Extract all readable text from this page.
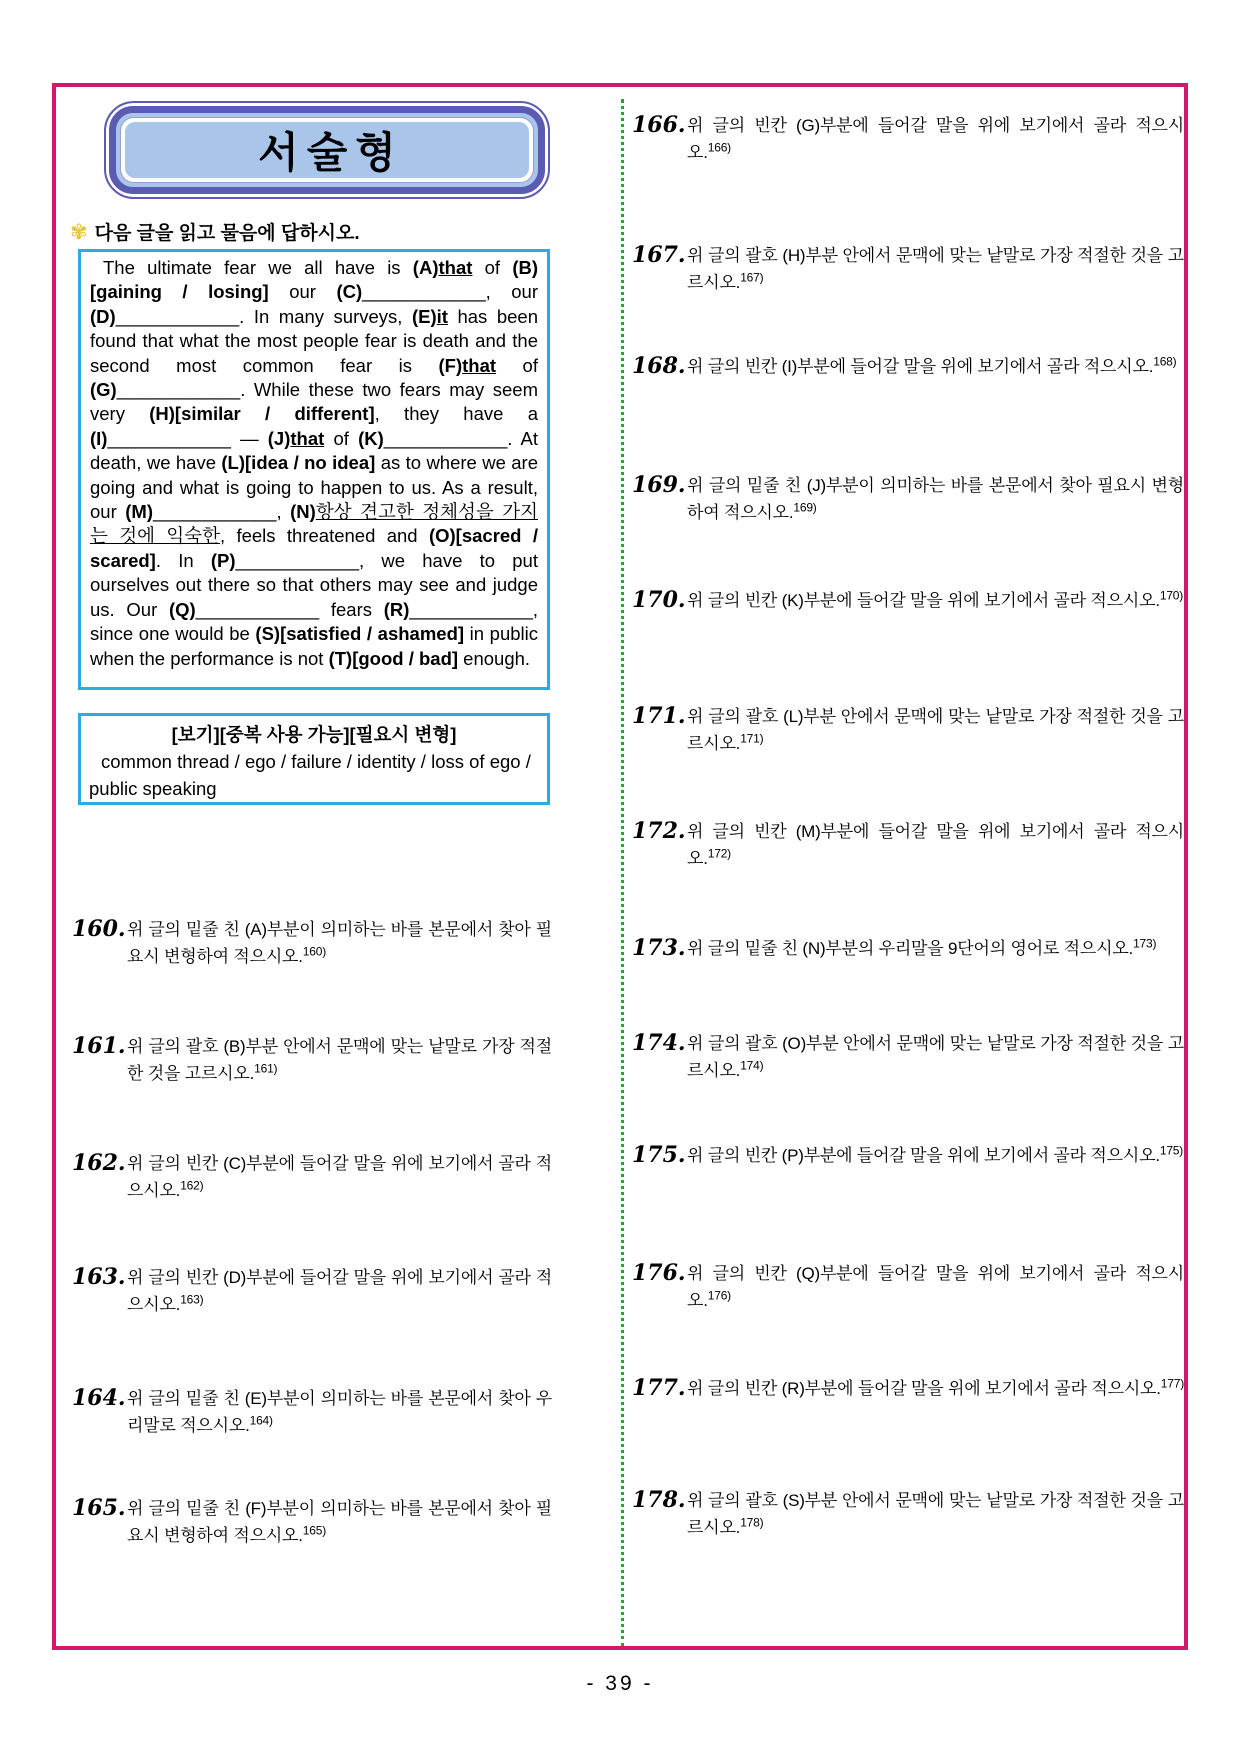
서술형
✾ 다음 글을 읽고 물음에 답하시오.

The ultimate fear we all have is (A)that of (B)[gaining / losing] our (C)____________, our (D)____________. In many surveys, (E)it has been found that what the most people fear is death and the second most common fear is (F)that of (G)____________. While these two fears may seem very (H)[similar / different], they have a (I)____________ — (J)that of (K)____________. At death, we have (L)[idea / no idea] as to where we are going and what is going to happen to us. As a result, our (M)____________, (N)항상 견고한 정체성을 가지는 것에 익숙한, feels threatened and (O)[sacred / scared]. In (P)____________, we have to put ourselves out there so that others may see and judge us. Our (Q)____________ fears (R)____________, since one would be (S)[satisfied / ashamed] in public when the performance is not (T)[good / bad] enough.

[보기][중복 사용 가능][필요시 변형]
common thread / ego / failure / identity / loss of ego / public speaking
160. 위 글의 밑줄 친 (A)부분이 의미하는 바를 본문에서 찾아 필요시 변형하여 적으시오.$^{160)}$
161. 위 글의 괄호 (B)부분 안에서 문맥에 맞는 낱말로 가장 적절한 것을 고르시오.$^{161)}$
162. 위 글의 빈칸 (C)부분에 들어갈 말을 위에 보기에서 골라 적으시오.$^{162)}$
163. 위 글의 빈칸 (D)부분에 들어갈 말을 위에 보기에서 골라 적으시오.$^{163)}$
164. 위 글의 밑줄 친 (E)부분이 의미하는 바를 본문에서 찾아 우리말로 적으시오.$^{164)}$
165. 위 글의 밑줄 친 (F)부분이 의미하는 바를 본문에서 찾아 필요시 변형하여 적으시오.$^{165)}$
166. 위 글의 빈칸 (G)부분에 들어갈 말을 위에 보기에서 골라 적으시오.$^{166)}$
167. 위 글의 괄호 (H)부분 안에서 문맥에 맞는 낱말로 가장 적절한 것을 고르시오.$^{167)}$
168. 위 글의 빈칸 (I)부분에 들어갈 말을 위에 보기에서 골라 적으시오.$^{168)}$
169. 위 글의 밑줄 친 (J)부분이 의미하는 바를 본문에서 찾아 필요시 변형하여 적으시오.$^{169)}$
170. 위 글의 빈칸 (K)부분에 들어갈 말을 위에 보기에서 골라 적으시오.$^{170)}$
171. 위 글의 괄호 (L)부분 안에서 문맥에 맞는 낱말로 가장 적절한 것을 고르시오.$^{171)}$
172. 위 글의 빈칸 (M)부분에 들어갈 말을 위에 보기에서 골라 적으시오.$^{172)}$
173. 위 글의 밑줄 친 (N)부분의 우리말을 9단어의 영어로 적으시오.$^{173)}$
174. 위 글의 괄호 (O)부분 안에서 문맥에 맞는 낱말로 가장 적절한 것을 고르시오.$^{174)}$
175. 위 글의 빈칸 (P)부분에 들어갈 말을 위에 보기에서 골라 적으시오.$^{175)}$
176. 위 글의 빈칸 (Q)부분에 들어갈 말을 위에 보기에서 골라 적으시오.$^{176)}$
177. 위 글의 빈칸 (R)부분에 들어갈 말을 위에 보기에서 골라 적으시오.$^{177)}$
178. 위 글의 괄호 (S)부분 안에서 문맥에 맞는 낱말로 가장 적절한 것을 고르시오.$^{178)}$
- 39 -
